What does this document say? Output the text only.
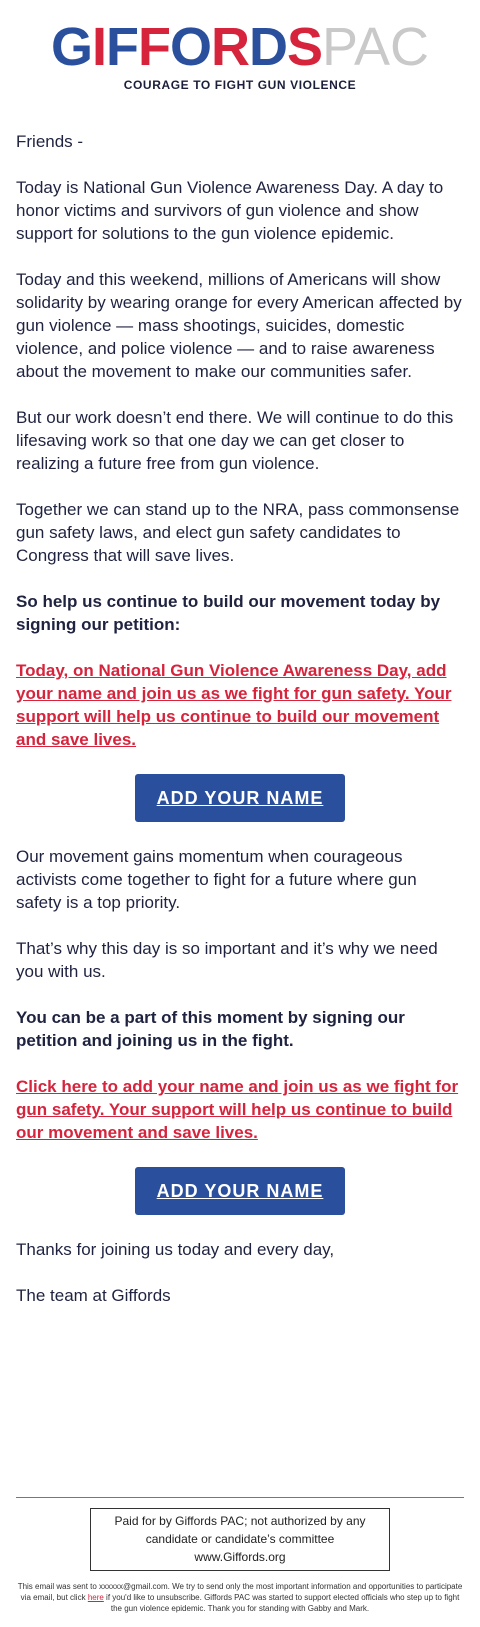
G I F F O R D S PAC
COURAGE TO FIGHT GUN VIOLENCE

Friends -

Today is National Gun Violence Awareness Day. A day to honor victims and survivors of gun violence and show support for solutions to the gun violence epidemic.

Today and this weekend, millions of Americans will show solidarity by wearing orange for every American affected by gun violence — mass shootings, suicides, domestic violence, and police violence — and to raise awareness about the movement to make our communities safer.

But our work doesn’t end there. We will continue to do this lifesaving work so that one day we can get closer to realizing a future free from gun violence.

Together we can stand up to the NRA, pass commonsense gun safety laws, and elect gun safety candidates to Congress that will save lives.

So help us continue to build our movement today by signing our petition:

Today, on National Gun Violence Awareness Day, add your name and join us as we fight for gun safety. Your support will help us continue to build our movement and save lives.
ADD YOUR NAME

Our movement gains momentum when courageous activists come together to fight for a future where gun safety is a top priority.

That’s why this day is so important and it’s why we need you with us.

You can be a part of this moment by signing our petition and joining us in the fight.

Click here to add your name and join us as we fight for gun safety. Your support will help us continue to build our movement and save lives.
ADD YOUR NAME

Thanks for joining us today and every day,

The team at Giffords

Paid for by Giffords PAC; not authorized by any
candidate or candidate’s committee
www.Giffords.org

This email was sent to xxxxxx@gmail.com. We try to send only the most important information and opportunities to participate via email, but click here if you'd like to unsubscribe. Giffords PAC was started to support elected officials who step up to fight the gun violence epidemic. Thank you for standing with Gabby and Mark.
